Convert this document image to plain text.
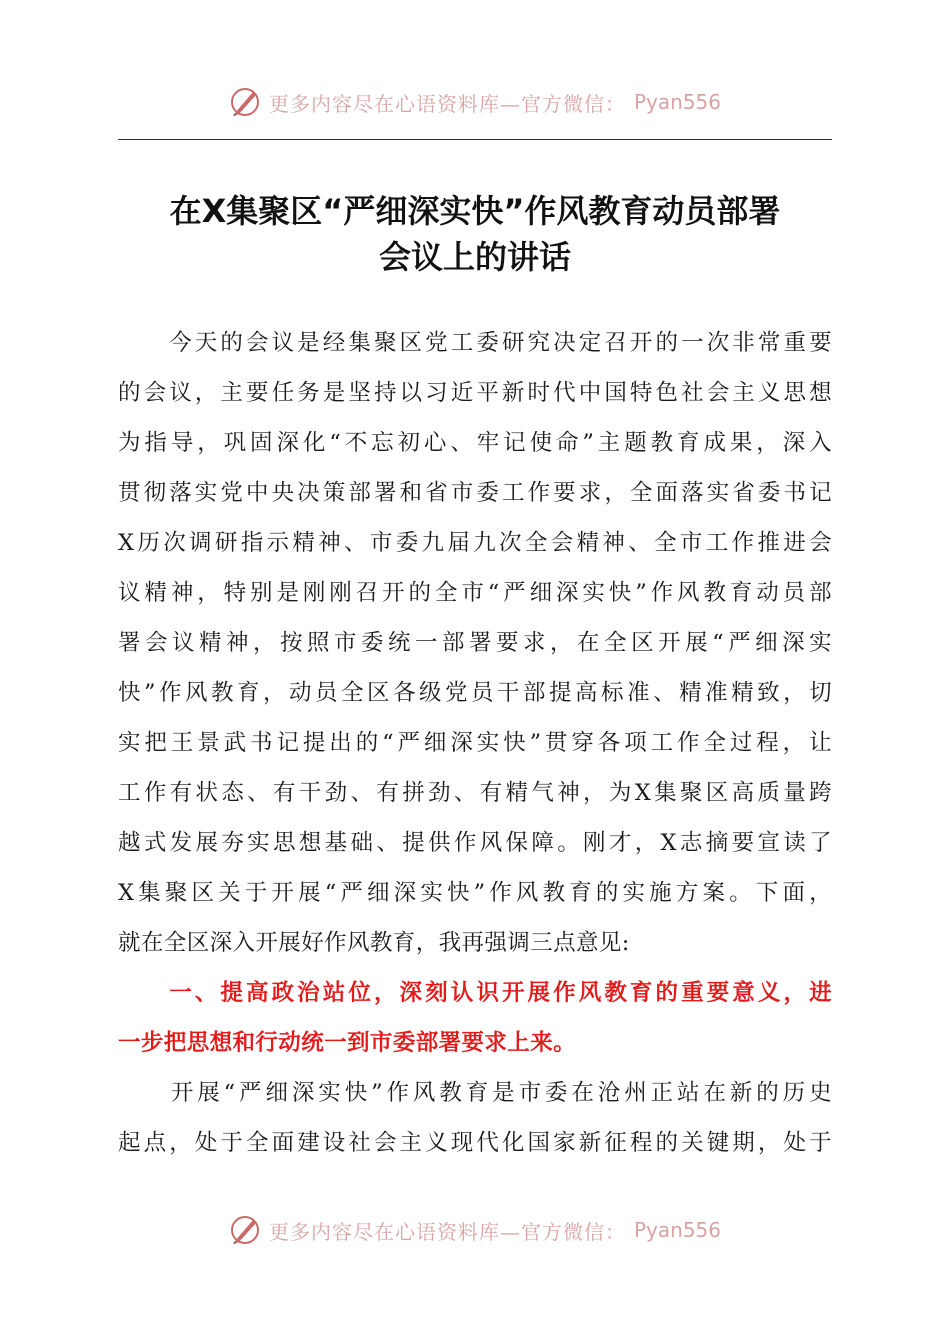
更多内容尽在心语资料库—官方微信： Pyan556
在X集聚区“严细深实快”作风教育动员部署
会议上的讲话
　　今天的会议是经集聚区党工委研究决定召开的一次非常重要
的会议，主要任务是坚持以习近平新时代中国特色社会主义思想
为指导，巩固深化“不忘初心、牢记使命”主题教育成果，深入
贯彻落实党中央决策部署和省市委工作要求，全面落实省委书记
X历次调研指示精神、市委九届九次全会精神、全市工作推进会
议精神，特别是刚刚召开的全市“严细深实快”作风教育动员部
署会议精神，按照市委统一部署要求，在全区开展“严细深实
快”作风教育，动员全区各级党员干部提高标准、精准精致，切
实把王景武书记提出的“严细深实快”贯穿各项工作全过程，让
工作有状态、有干劲、有拼劲、有精气神，为X集聚区高质量跨
越式发展夯实思想基础、提供作风保障。刚才，X志摘要宣读了
X集聚区关于开展“严细深实快”作风教育的实施方案。下面，
就在全区深入开展好作风教育，我再强调三点意见:
　　一、提高政治站位，深刻认识开展作风教育的重要意义，进
一步把思想和行动统一到市委部署要求上来。
　　开展“严细深实快”作风教育是市委在沧州正站在新的历史
起点，处于全面建设社会主义现代化国家新征程的关键期，处于
更多内容尽在心语资料库—官方微信： Pyan556
